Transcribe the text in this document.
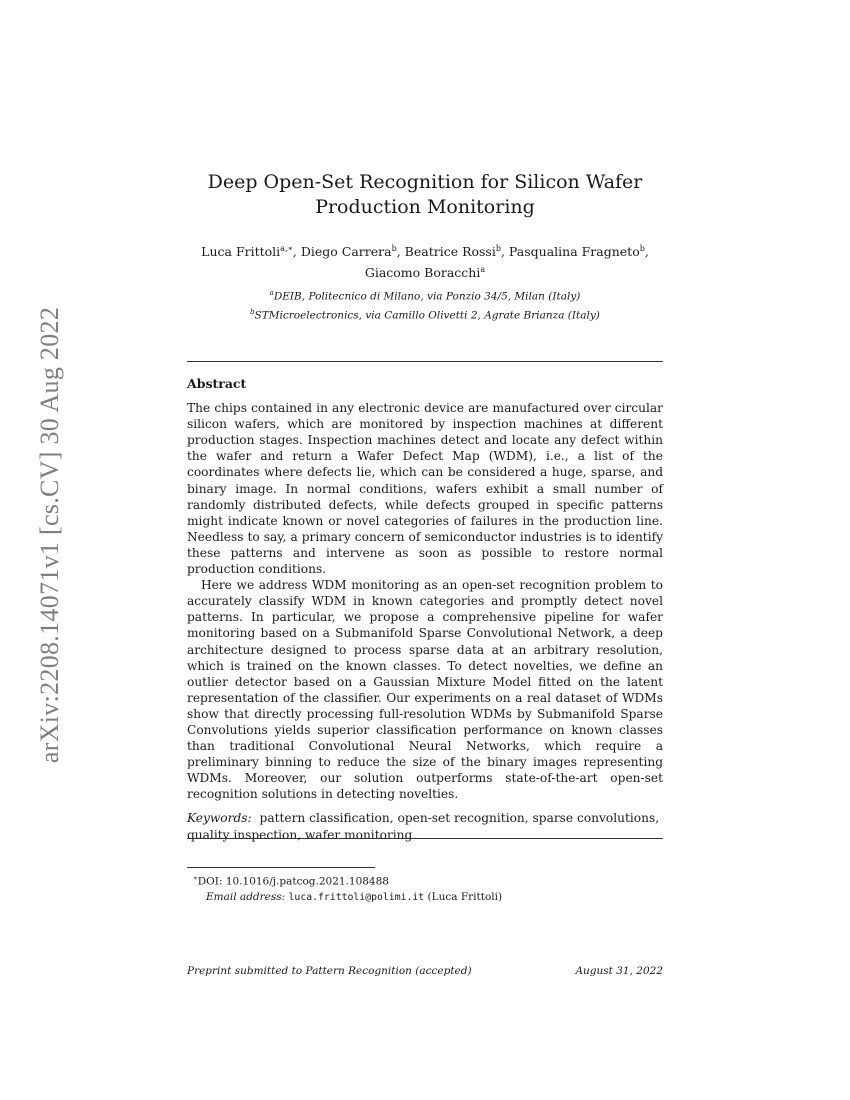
arXiv:2208.14071v1 [cs.CV] 30 Aug 2022
Deep Open-Set Recognition for Silicon Wafer
Production Monitoring
Luca Frittoli$^{a,∗}$, Diego Carrera$^b$, Beatrice Rossi$^b$, Pasqualina Fragneto$^b$,
Giacomo Boracchi$^a$
$^a$DEIB, Politecnico di Milano, via Ponzio 34/5, Milan (Italy)
$^b$STMicroelectronics, via Camillo Olivetti 2, Agrate Brianza (Italy)
Abstract

The chips contained in any electronic device are manufactured over circular silicon wafers, which are monitored by inspection machines at different production stages. Inspection machines detect and locate any defect within the wafer and return a Wafer Defect Map (WDM), i.e., a list of the coordinates where defects lie, which can be considered a huge, sparse, and binary image. In normal conditions, wafers exhibit a small number of randomly distributed defects, while defects grouped in specific patterns might indicate known or novel categories of failures in the production line. Needless to say, a primary concern of semiconductor industries is to identify these patterns and intervene as soon as possible to restore normal production conditions.

Here we address WDM monitoring as an open-set recognition problem to accurately classify WDM in known categories and promptly detect novel patterns. In particular, we propose a comprehensive pipeline for wafer monitoring based on a Submanifold Sparse Convolutional Network, a deep architecture designed to process sparse data at an arbitrary resolution, which is trained on the known classes. To detect novelties, we define an outlier detector based on a Gaussian Mixture Model fitted on the latent representation of the classifier. Our experiments on a real dataset of WDMs show that directly processing full-resolution WDMs by Submanifold Sparse Convolutions yields superior classification performance on known classes than traditional Convolutional Neural Networks, which require a preliminary binning to reduce the size of the binary images representing WDMs. Moreover, our solution outperforms state-of-the-art open-set recognition solutions in detecting novelties.

Keywords: pattern classification, open-set recognition, sparse convolutions, quality inspection, wafer monitoring

∗DOI: 10.1016/j.patcog.2021.108488
Email address: luca.frittoli@polimi.it (Luca Frittoli)
Preprint submitted to Pattern Recognition (accepted)	August 31, 2022
